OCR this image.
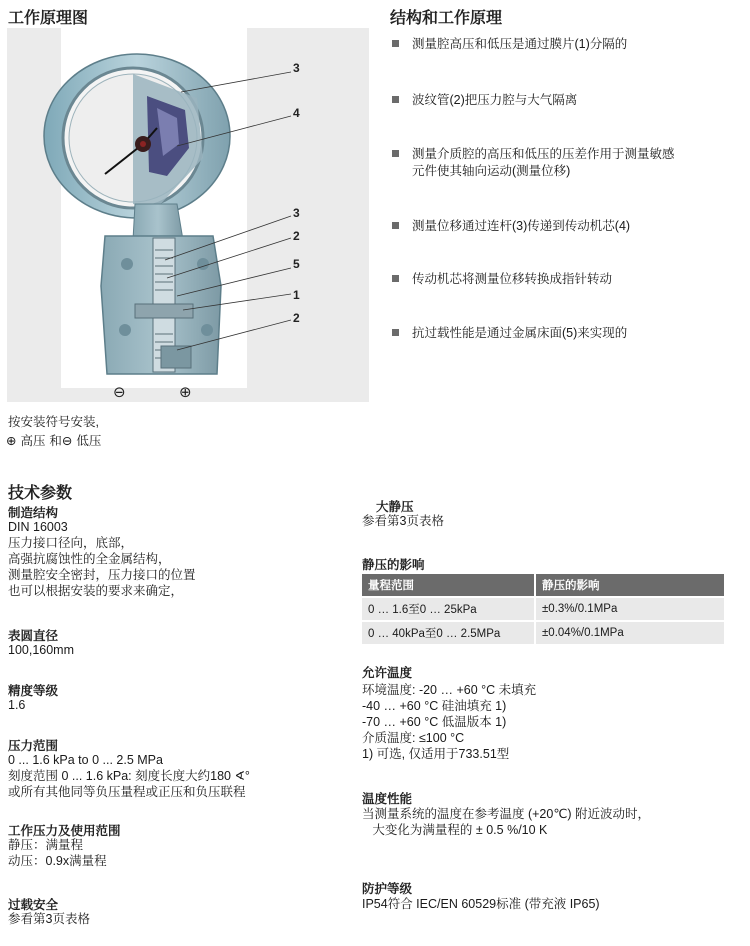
工作原理图	结构和工作原理
3
4
3
2
5
1
2
⊖	⊕
按安装符号安装,
⊕ 高压 和⊖ 低压
测量腔高压和低压是通过膜片(1)分隔的
波纹管(2)把压力腔与大气隔离
测量介质腔的高压和低压的压差作用于测量敏感
元件使其轴向运动(测量位移)
测量位移通过连杆(3)传递到传动机芯(4)
传动机芯将测量位移转换成指针转动
抗过载性能是通过金属床面(5)来实现的
技术参数
制造结构
DIN 16003
压力接口径向，底部，
高强抗腐蚀性的全金属结构，
测量腔安全密封，压力接口的位置
也可以根据安装的要求来确定，
表圆直径
100,160mm
精度等级
1.6
压力范围
0 ... 1.6 kPa to 0 ... 2.5 MPa
刻度范围 0 ... 1.6 kPa: 刻度长度大约180 ∢°
或所有其他同等负压量程或正压和负压联程
工作压力及使用范围
静压：满量程
动压：0.9x满量程
过载安全
参看第3页表格
大静压
参看第3页表格
静压的影响
量程范围	静压的影响
0 … 1.6至0 … 25kPa	±0.3%/0.1MPa
0 … 40kPa至0 … 2.5MPa	±0.04%/0.1MPa
允许温度
环境温度: -20 … +60 °C 未填充
-40 … +60 °C 硅油填充 1)
-70 … +60 °C 低温版本 1)
介质温度: ≤100 °C
1) 可选, 仅适用于733.51型
温度性能
当测量系统的温度在参考温度 (+20℃) 附近波动时，
大变化为满量程的 ± 0.5 %/10 K
防护等级
IP54符合 IEC/EN 60529标准 (带充液 IP65)
